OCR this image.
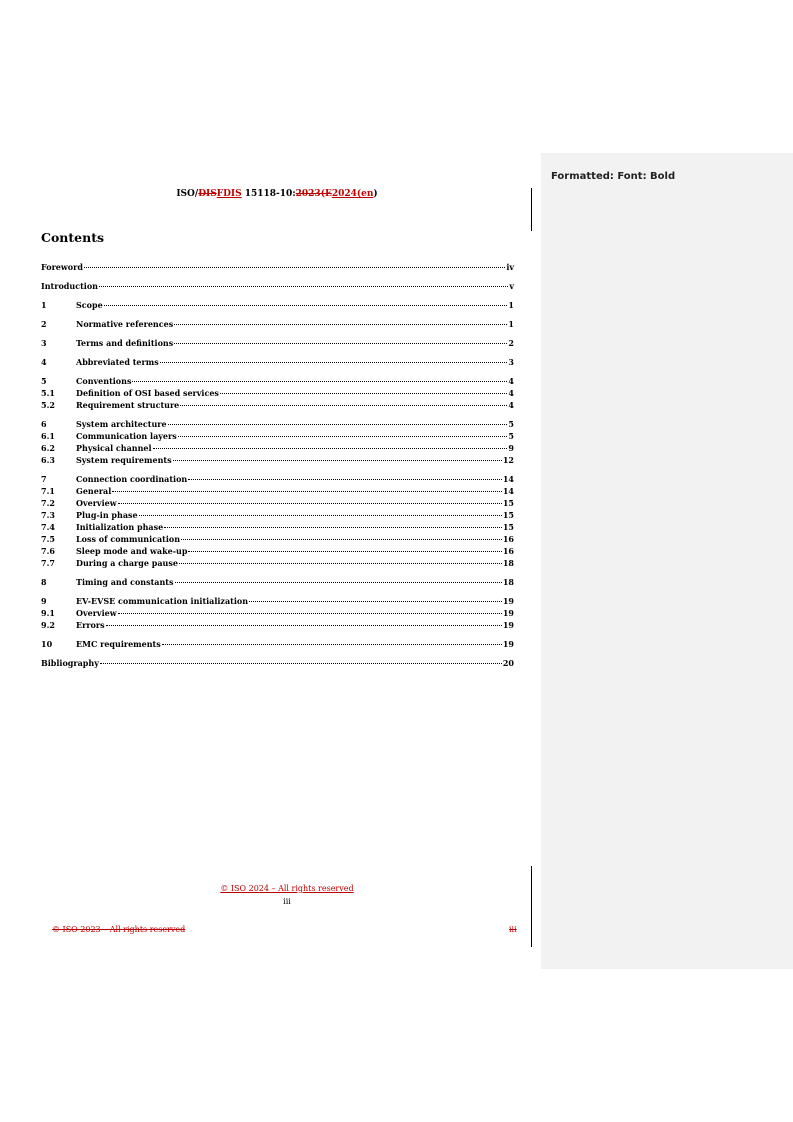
Formatted: Font: Bold
ISO/DISFDIS 15118-10:2023(E2024(en)
Contents
Foreword	iv
Introduction	v
1	Scope	1
2	Normative references	1
3	Terms and definitions	2
4	Abbreviated terms	3
5	Conventions	4
5.1	Definition of OSI based services	4
5.2	Requirement structure	4
6	System architecture	5
6.1	Communication layers	5
6.2	Physical channel	9
6.3	System requirements	12
7	Connection coordination	14
7.1	General	14
7.2	Overview	15
7.3	Plug-in phase	15
7.4	Initialization phase	15
7.5	Loss of communication	16
7.6	Sleep mode and wake-up	16
7.7	During a charge pause	18
8	Timing and constants	18
9	EV-EVSE communication initialization	19
9.1	Overview	19
9.2	Errors	19
10	EMC requirements	19
Bibliography	20
© ISO 2024 – All rights reserved
iii
© ISO 2023 – All rights reserved	iii
